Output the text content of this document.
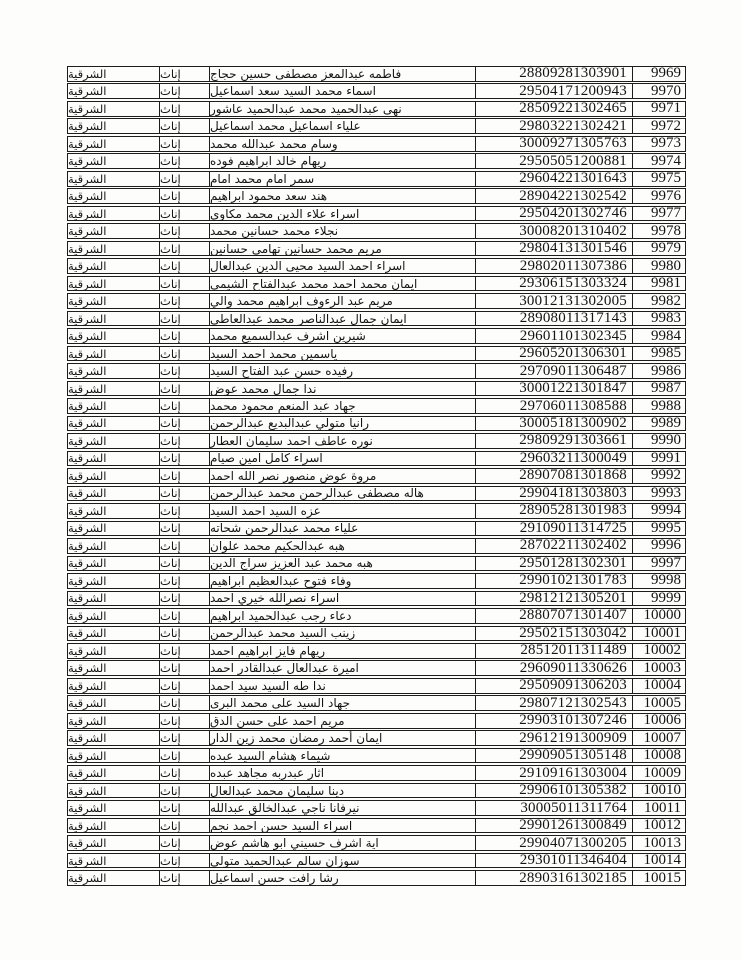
الشرقية	إناث	فاطمه عبدالمعز مصطفى حسين حجاج	28809281303901	9969
الشرقية	إناث	اسماء محمد السيد سعد اسماعيل	29504171200943	9970
الشرقية	إناث	نهى عبدالحميد محمد عبدالحميد عاشور	28509221302465	9971
الشرقية	إناث	علياء اسماعيل محمد اسماعيل	29803221302421	9972
الشرقية	إناث	وسام محمد عبدالله محمد	30009271305763	9973
الشرقية	إناث	ريهام خالد ابراهيم فوده	29505051200881	9974
الشرقية	إناث	سمر امام محمد امام	29604221301643	9975
الشرقية	إناث	هند سعد محمود ابراهيم	28904221302542	9976
الشرقية	إناث	اسراء علاء الدين محمد مكاوي	29504201302746	9977
الشرقية	إناث	نجلاء محمد حسانين محمد	30008201310402	9978
الشرقية	إناث	مريم محمد حسانين تهامي حسانين	29804131301546	9979
الشرقية	إناث	اسراء احمد السيد محيى الدين عبدالعال	29802011307386	9980
الشرقية	إناث	ايمان محمد احمد محمد عبدالفتاح الشيمى	29306151303324	9981
الشرقية	إناث	مريم عبد الرءوف ابراهيم محمد والي	30012131302005	9982
الشرقية	إناث	ايمان جمال عبدالناصر محمد عبدالعاطي	28908011317143	9983
الشرقية	إناث	شيرين اشرف عبدالسميع محمد	29601101302345	9984
الشرقية	إناث	ياسمين محمد احمد السيد	29605201306301	9985
الشرقية	إناث	رفيده حسن عبد الفتاح السيد	29709011306487	9986
الشرقية	إناث	ندا جمال محمد عوض	30001221301847	9987
الشرقية	إناث	جهاد عبد المنعم محمود محمد	29706011308588	9988
الشرقية	إناث	رانيا متولي عبدالبديع عبدالرحمن	30005181300902	9989
الشرقية	إناث	نوره عاطف احمد سليمان العطار	29809291303661	9990
الشرقية	إناث	اسراء كامل امين صيام	29603211300049	9991
الشرقية	إناث	مروة عوض منصور نصر الله احمد	28907081301868	9992
الشرقية	إناث	هاله مصطفى عبدالرحمن محمد عبدالرحمن	29904181303803	9993
الشرقية	إناث	عزه السيد احمد السيد	28905281301983	9994
الشرقية	إناث	علياء محمد عبدالرحمن شحاته	29109011314725	9995
الشرقية	إناث	هبه عبدالحكيم محمد علوان	28702211302402	9996
الشرقية	إناث	هبه محمد عبد العزيز سراج الدين	29501281302301	9997
الشرقية	إناث	وفاء فتوح عبدالعظيم ابراهيم	29901021301783	9998
الشرقية	إناث	اسراء نصرالله خيري احمد	29812121305201	9999
الشرقية	إناث	دعاء رجب عبدالحميد ابراهيم	28807071301407	10000
الشرقية	إناث	زينب السيد محمد عبدالرحمن	29502151303042	10001
الشرقية	إناث	ريهام فايز ابراهيم احمد	28512011311489	10002
الشرقية	إناث	اميرة عبدالعال عبدالقادر احمد	29609011330626	10003
الشرقية	إناث	ندا طه السيد سيد احمد	29509091306203	10004
الشرقية	إناث	جهاد السيد على محمد البرى	29807121302543	10005
الشرقية	إناث	مريم احمد على حسن الدق	29903101307246	10006
الشرقية	إناث	ايمان أحمد رمضان محمد زين الدار	29612191300909	10007
الشرقية	إناث	شيماء هشام السيد عبده	29909051305148	10008
الشرقية	إناث	اثار عبدربه مجاهد عبده	29109161303004	10009
الشرقية	إناث	دينا سليمان محمد عبدالعال	29906101305382	10010
الشرقية	إناث	نيرفانا ناجي عبدالخالق عبدالله	30005011311764	10011
الشرقية	إناث	اسراء السيد حسن احمد نجم	29901261300849	10012
الشرقية	إناث	اية اشرف حسيني ابو هاشم عوض	29904071300205	10013
الشرقية	إناث	سوزان سالم عبدالحميد متولي	29301011346404	10014
الشرقية	إناث	رشا رافت حسن اسماعيل	28903161302185	10015
